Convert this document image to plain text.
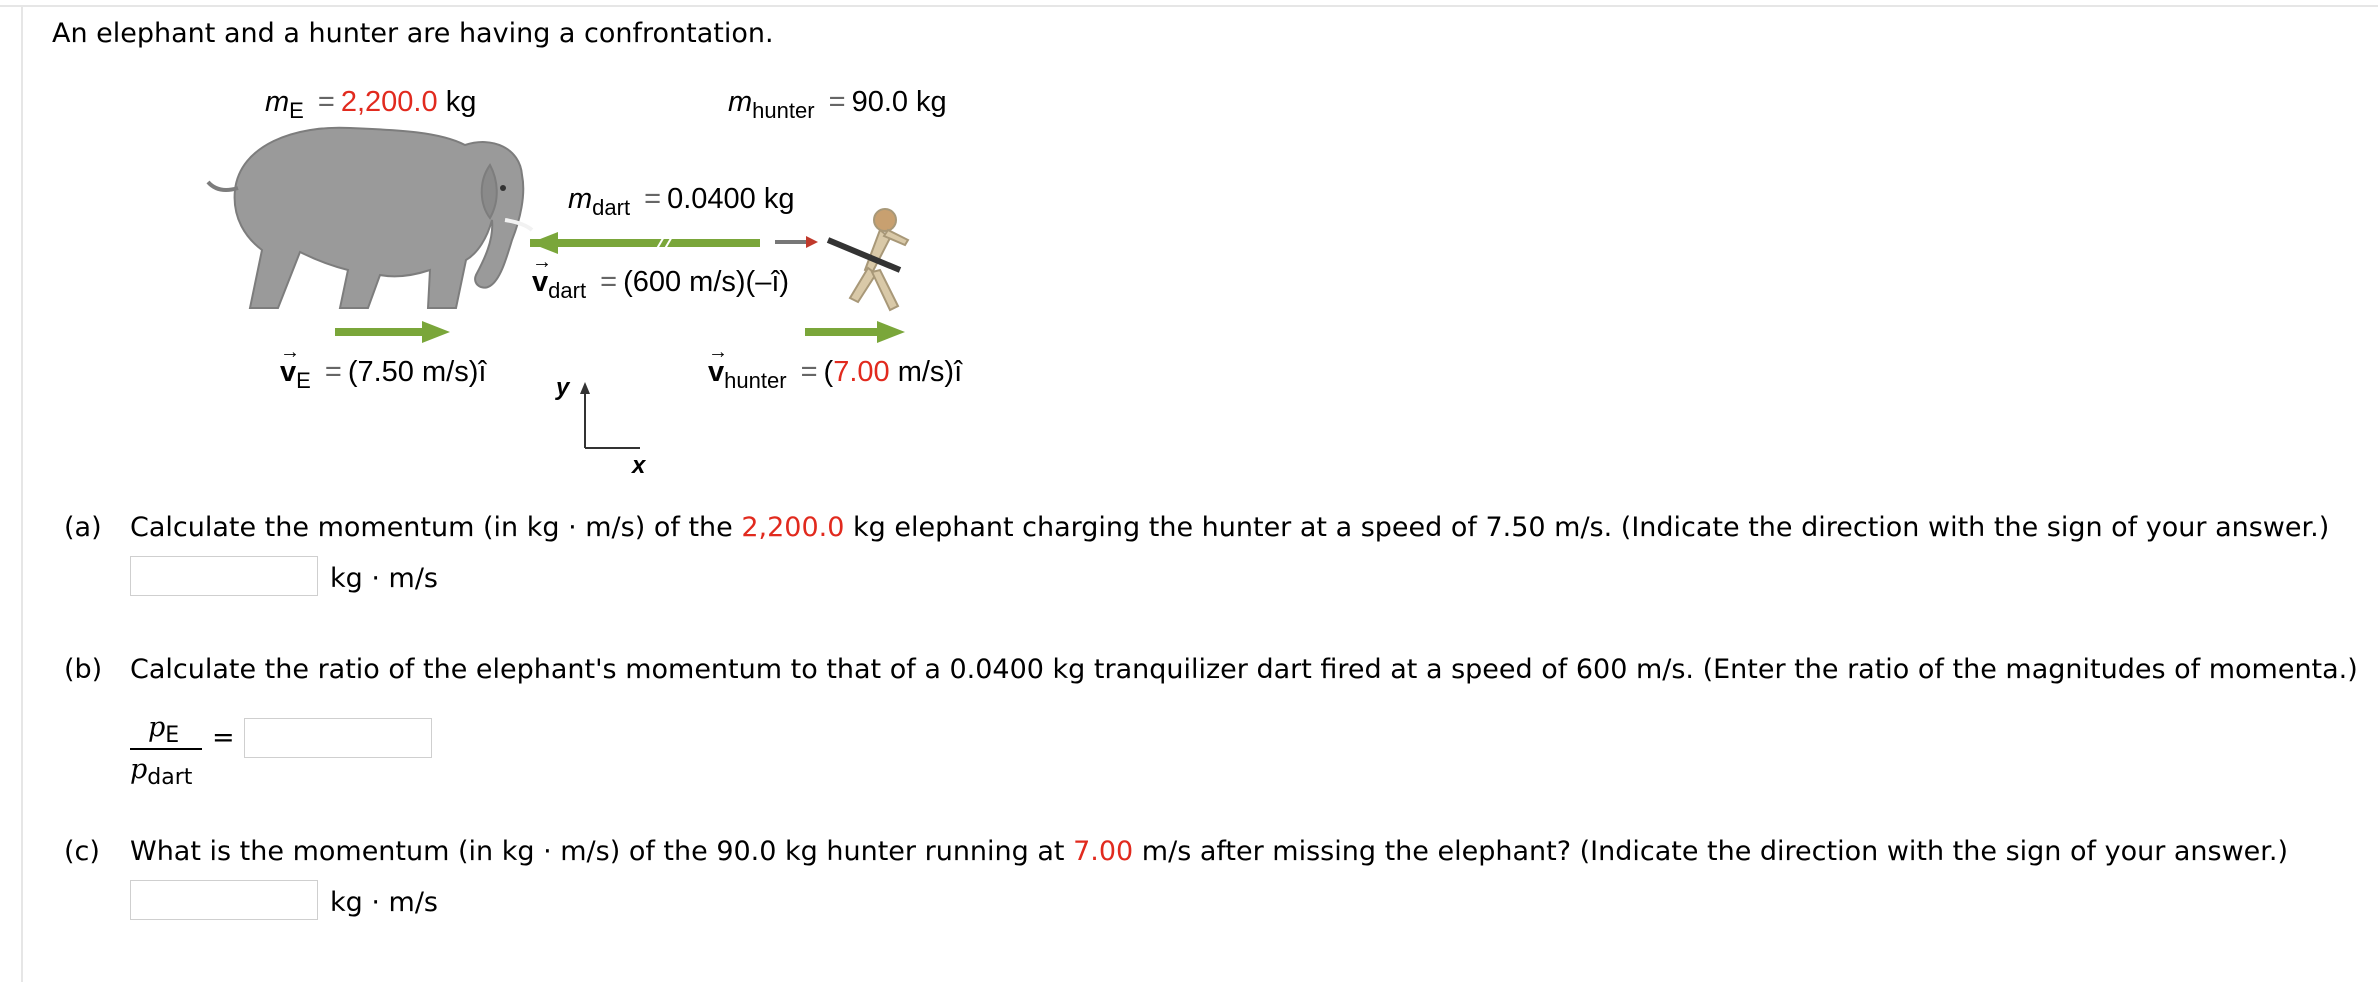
An elephant and a hunter are having a confrontation.
$m_E = 2,200.0$ kg	$m_{hunter} = 90.0$ kg
$m_{dart} = 0.0400$ kg
→
$v_{dart} = (600$ m/s)(–î)
→
$v_E = (7.50$ m/s)î
→
$v_{hunter} = (7.00$ m/s)î
y
x
(a) Calculate the momentum (in kg · m/s) of the 2,200.0 kg elephant charging the hunter at a speed of 7.50 m/s. (Indicate the direction with the sign of your answer.)
kg · m/s
(b) Calculate the ratio of the elephant's momentum to that of a 0.0400 kg tranquilizer dart fired at a speed of 600 m/s. (Enter the ratio of the magnitudes of momenta.)
$p_E$
$p_{dart}$
=
(c) What is the momentum (in kg · m/s) of the 90.0 kg hunter running at 7.00 m/s after missing the elephant? (Indicate the direction with the sign of your answer.)
kg · m/s
